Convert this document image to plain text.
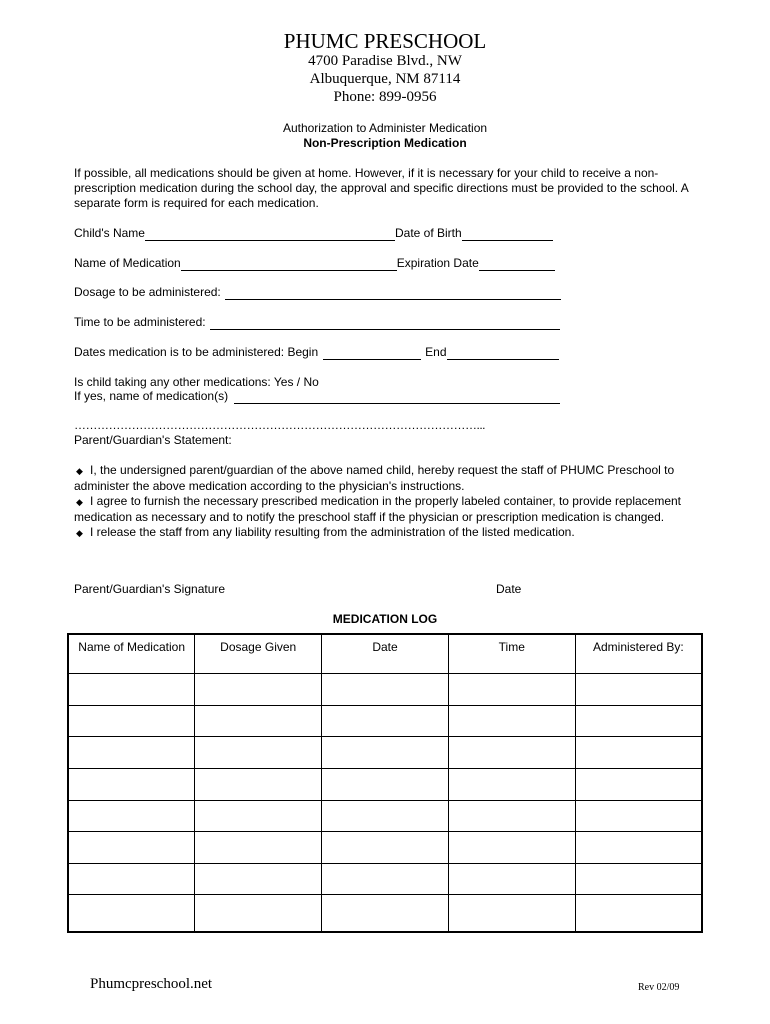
PHUMC PRESCHOOL
4700 Paradise Blvd., NW
Albuquerque, NM 87114
Phone: 899-0956
Authorization to Administer Medication
Non-Prescription Medication
If possible, all medications should be given at home. However, if it is necessary for your child to receive a non-prescription medication during the school day, the approval and specific directions must be provided to the school. A separate form is required for each medication.
Child's Name	Date of Birth
Name of Medication	Expiration Date
Dosage to be administered:
Time to be administered:
Dates medication is to be administered: Begin	End
Is child taking any other medications: Yes / No
If yes, name of medication(s)
……………………………………………………………………………………………...
Parent/Guardian's Statement:
◆ I, the undersigned parent/guardian of the above named child, hereby request the staff of PHUMC Preschool to administer the above medication according to the physician's instructions.
◆ I agree to furnish the necessary prescribed medication in the properly labeled container, to provide replacement medication as necessary and to notify the preschool staff if the physician or prescription medication is changed.
◆ I release the staff from any liability resulting from the administration of the listed medication.
Parent/Guardian's Signature	Date
MEDICATION LOG
Name of Medication	Dosage Given	Date	Time	Administered By:

Phumcpreschool.net	Rev 02/09
